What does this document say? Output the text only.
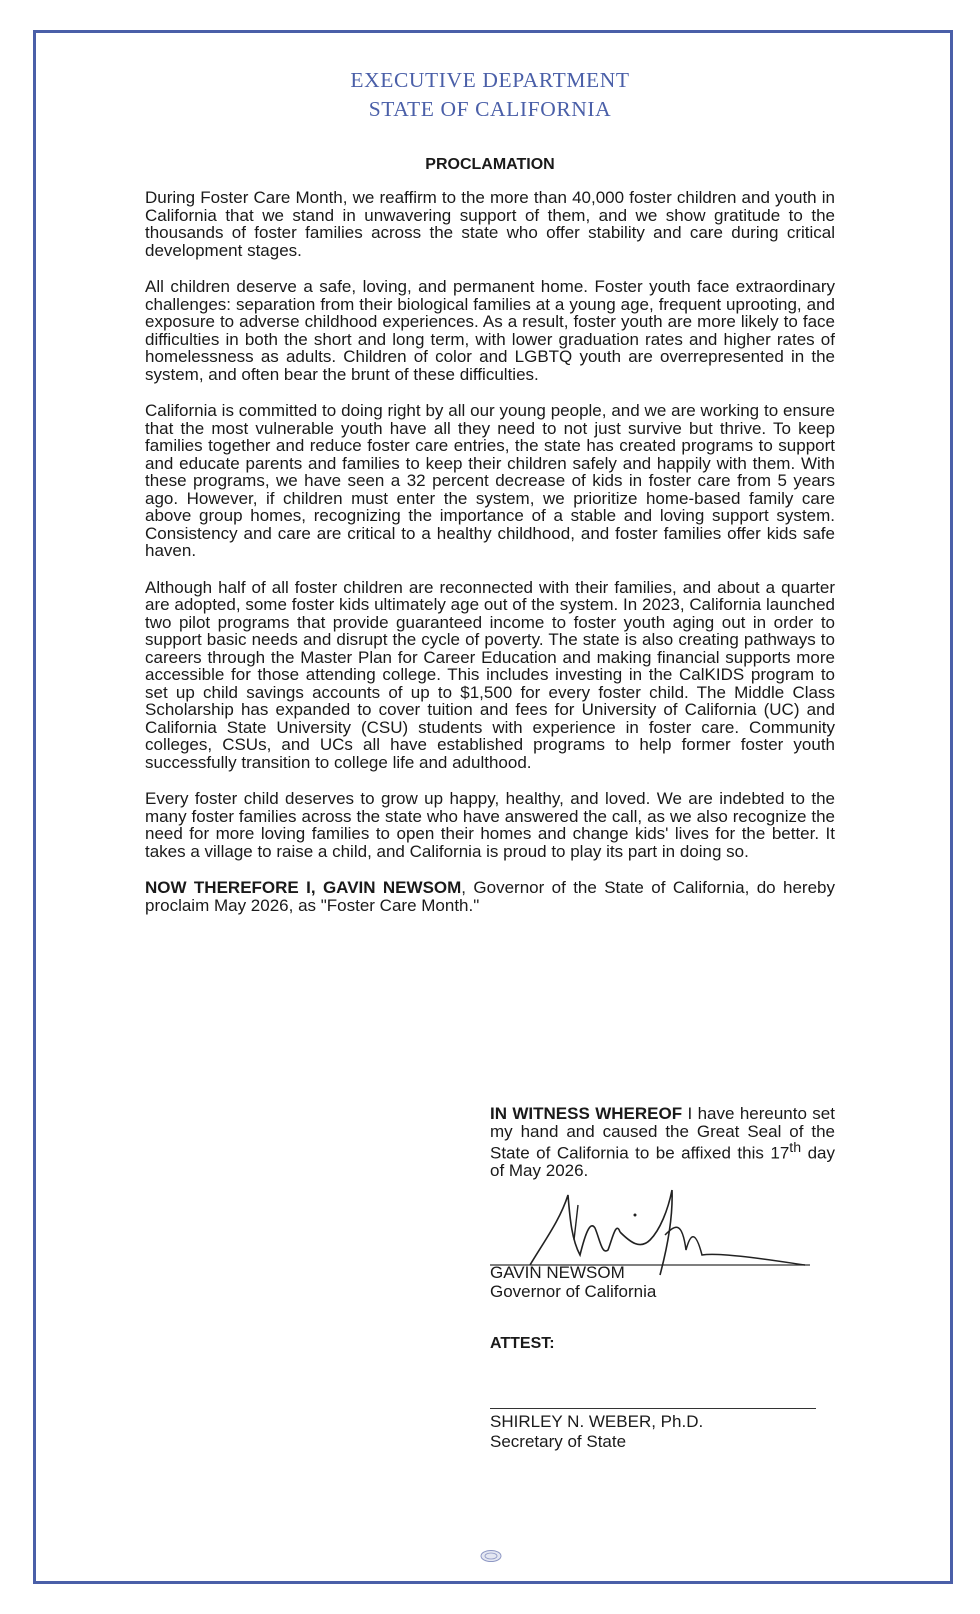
EXECUTIVE DEPARTMENT
STATE OF CALIFORNIA
PROCLAMATION

During Foster Care Month, we reaffirm to the more than 40,000 foster children and youth in California that we stand in unwavering support of them, and we show gratitude to the thousands of foster families across the state who offer stability and care during critical development stages.

All children deserve a safe, loving, and permanent home. Foster youth face extraordinary challenges: separation from their biological families at a young age, frequent uprooting, and exposure to adverse childhood experiences. As a result, foster youth are more likely to face difficulties in both the short and long term, with lower graduation rates and higher rates of homelessness as adults. Children of color and LGBTQ youth are overrepresented in the system, and often bear the brunt of these difficulties.

California is committed to doing right by all our young people, and we are working to ensure that the most vulnerable youth have all they need to not just survive but thrive. To keep families together and reduce foster care entries, the state has created programs to support and educate parents and families to keep their children safely and happily with them. With these programs, we have seen a 32 percent decrease of kids in foster care from 5 years ago. However, if children must enter the system, we prioritize home-based family care above group homes, recognizing the importance of a stable and loving support system. Consistency and care are critical to a healthy childhood, and foster families offer kids safe haven.

Although half of all foster children are reconnected with their families, and about a quarter are adopted, some foster kids ultimately age out of the system. In 2023, California launched two pilot programs that provide guaranteed income to foster youth aging out in order to support basic needs and disrupt the cycle of poverty. The state is also creating pathways to careers through the Master Plan for Career Education and making financial supports more accessible for those attending college. This includes investing in the CalKIDS program to set up child savings accounts of up to $1,500 for every foster child. The Middle Class Scholarship has expanded to cover tuition and fees for University of California (UC) and California State University (CSU) students with experience in foster care. Community colleges, CSUs, and UCs all have established programs to help former foster youth successfully transition to college life and adulthood.

Every foster child deserves to grow up happy, healthy, and loved. We are indebted to the many foster families across the state who have answered the call, as we also recognize the need for more loving families to open their homes and change kids' lives for the better. It takes a village to raise a child, and California is proud to play its part in doing so.

NOW THEREFORE I, GAVIN NEWSOM, Governor of the State of California, do hereby proclaim May 2026, as "Foster Care Month."

IN WITNESS WHEREOF I have hereunto set my hand and caused the Great Seal of the State of California to be affixed this 17th day of May 2026.
GAVIN NEWSOM
Governor of California
ATTEST:
SHIRLEY N. WEBER, Ph.D.
Secretary of State
